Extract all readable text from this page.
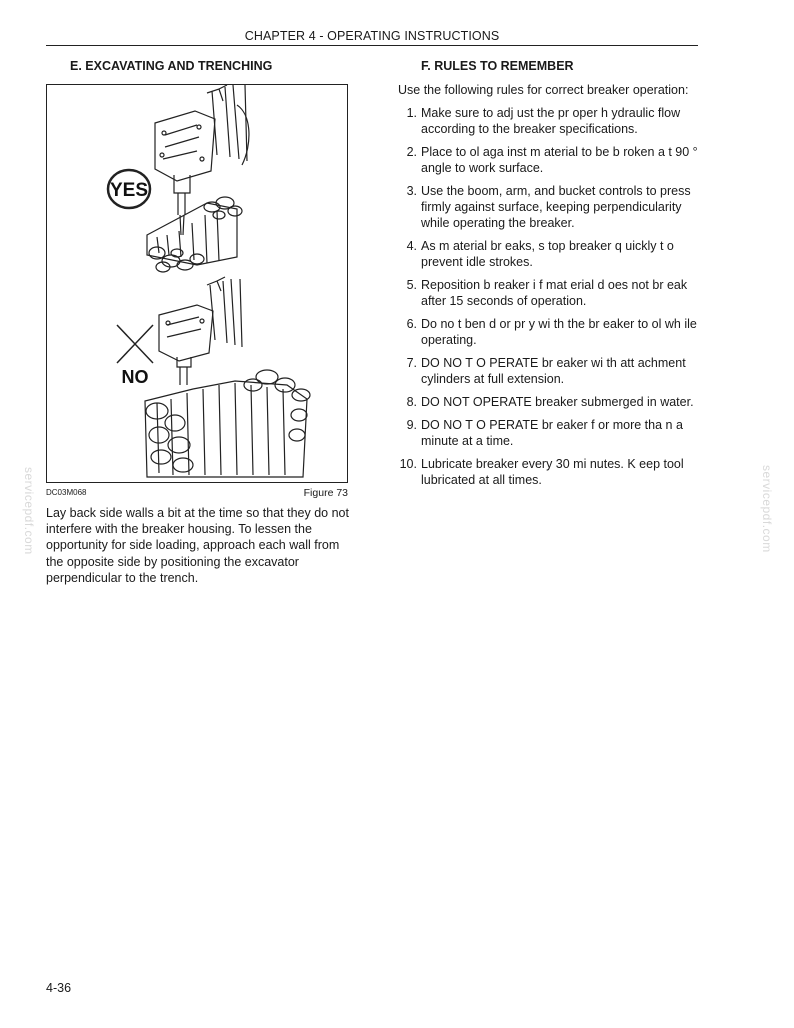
CHAPTER 4 - OPERATING INSTRUCTIONS
E. EXCAVATING AND TRENCHING	F. RULES TO REMEMBER
YES
NO
DC03M068	Figure 73
Lay back side walls a bit at the time so that they do not interfere with the breaker housing. To lessen the opportunity for side loading, approach each wall from the opposite side by positioning the excavator perpendicular to the trench.
Use the following rules for correct breaker operation:
1. Make sure to adj ust the pr oper h ydraulic flow according to the breaker specifications.
2. Place to ol aga inst m aterial to be b roken a t 90 ° angle to work surface.
3. Use the boom, arm, and bucket controls to press firmly against surface, keeping perpendicularity while operating the breaker.
4. As m aterial br eaks, s top breaker q uickly t o prevent idle strokes.
5. Reposition b reaker i f mat erial d oes not br eak after 15 seconds of operation.
6. Do no t ben d or pr y wi th the br eaker to ol wh ile operating.
7. DO NO T O PERATE br eaker wi th att achment cylinders at full extension.
8. DO NOT OPERATE breaker submerged in water.
9. DO NO T O PERATE br eaker f or more tha n a minute at a time.
10. Lubricate breaker every 30 mi nutes. K eep tool lubricated at all times.
servicepdf.com	servicepdf.com
4-36
